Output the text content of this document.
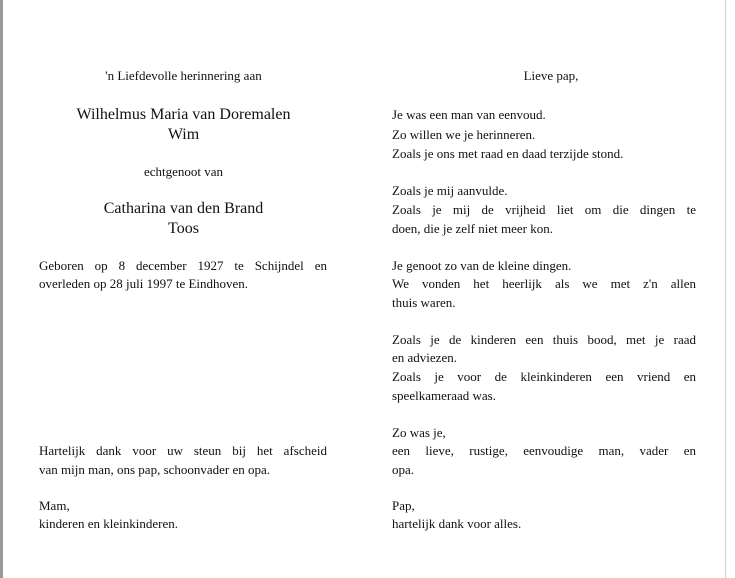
'n Liefdevolle herinnering aan
Wilhelmus Maria van Doremalen
Wim
echtgenoot van
Catharina van den Brand
Toos
Geboren op 8 december 1927 te Schijndel en
overleden op 28 juli 1997 te Eindhoven.
Hartelijk dank voor uw steun bij het afscheid
van mijn man, ons pap, schoonvader en opa.
Mam,
kinderen en kleinkinderen.
Lieve pap,
Je was een man van eenvoud.
Zo willen we je herinneren.
Zoals je ons met raad en daad terzijde stond.
Zoals je mij aanvulde.
Zoals je mij de vrijheid liet om die dingen te
doen, die je zelf niet meer kon.
Je genoot zo van de kleine dingen.
We vonden het heerlijk als we met z'n allen
thuis waren.
Zoals je de kinderen een thuis bood, met je raad
en adviezen.
Zoals je voor de kleinkinderen een vriend en
speelkameraad was.
Zo was je,
een lieve, rustige, eenvoudige man, vader en
opa.
Pap,
hartelijk dank voor alles.
